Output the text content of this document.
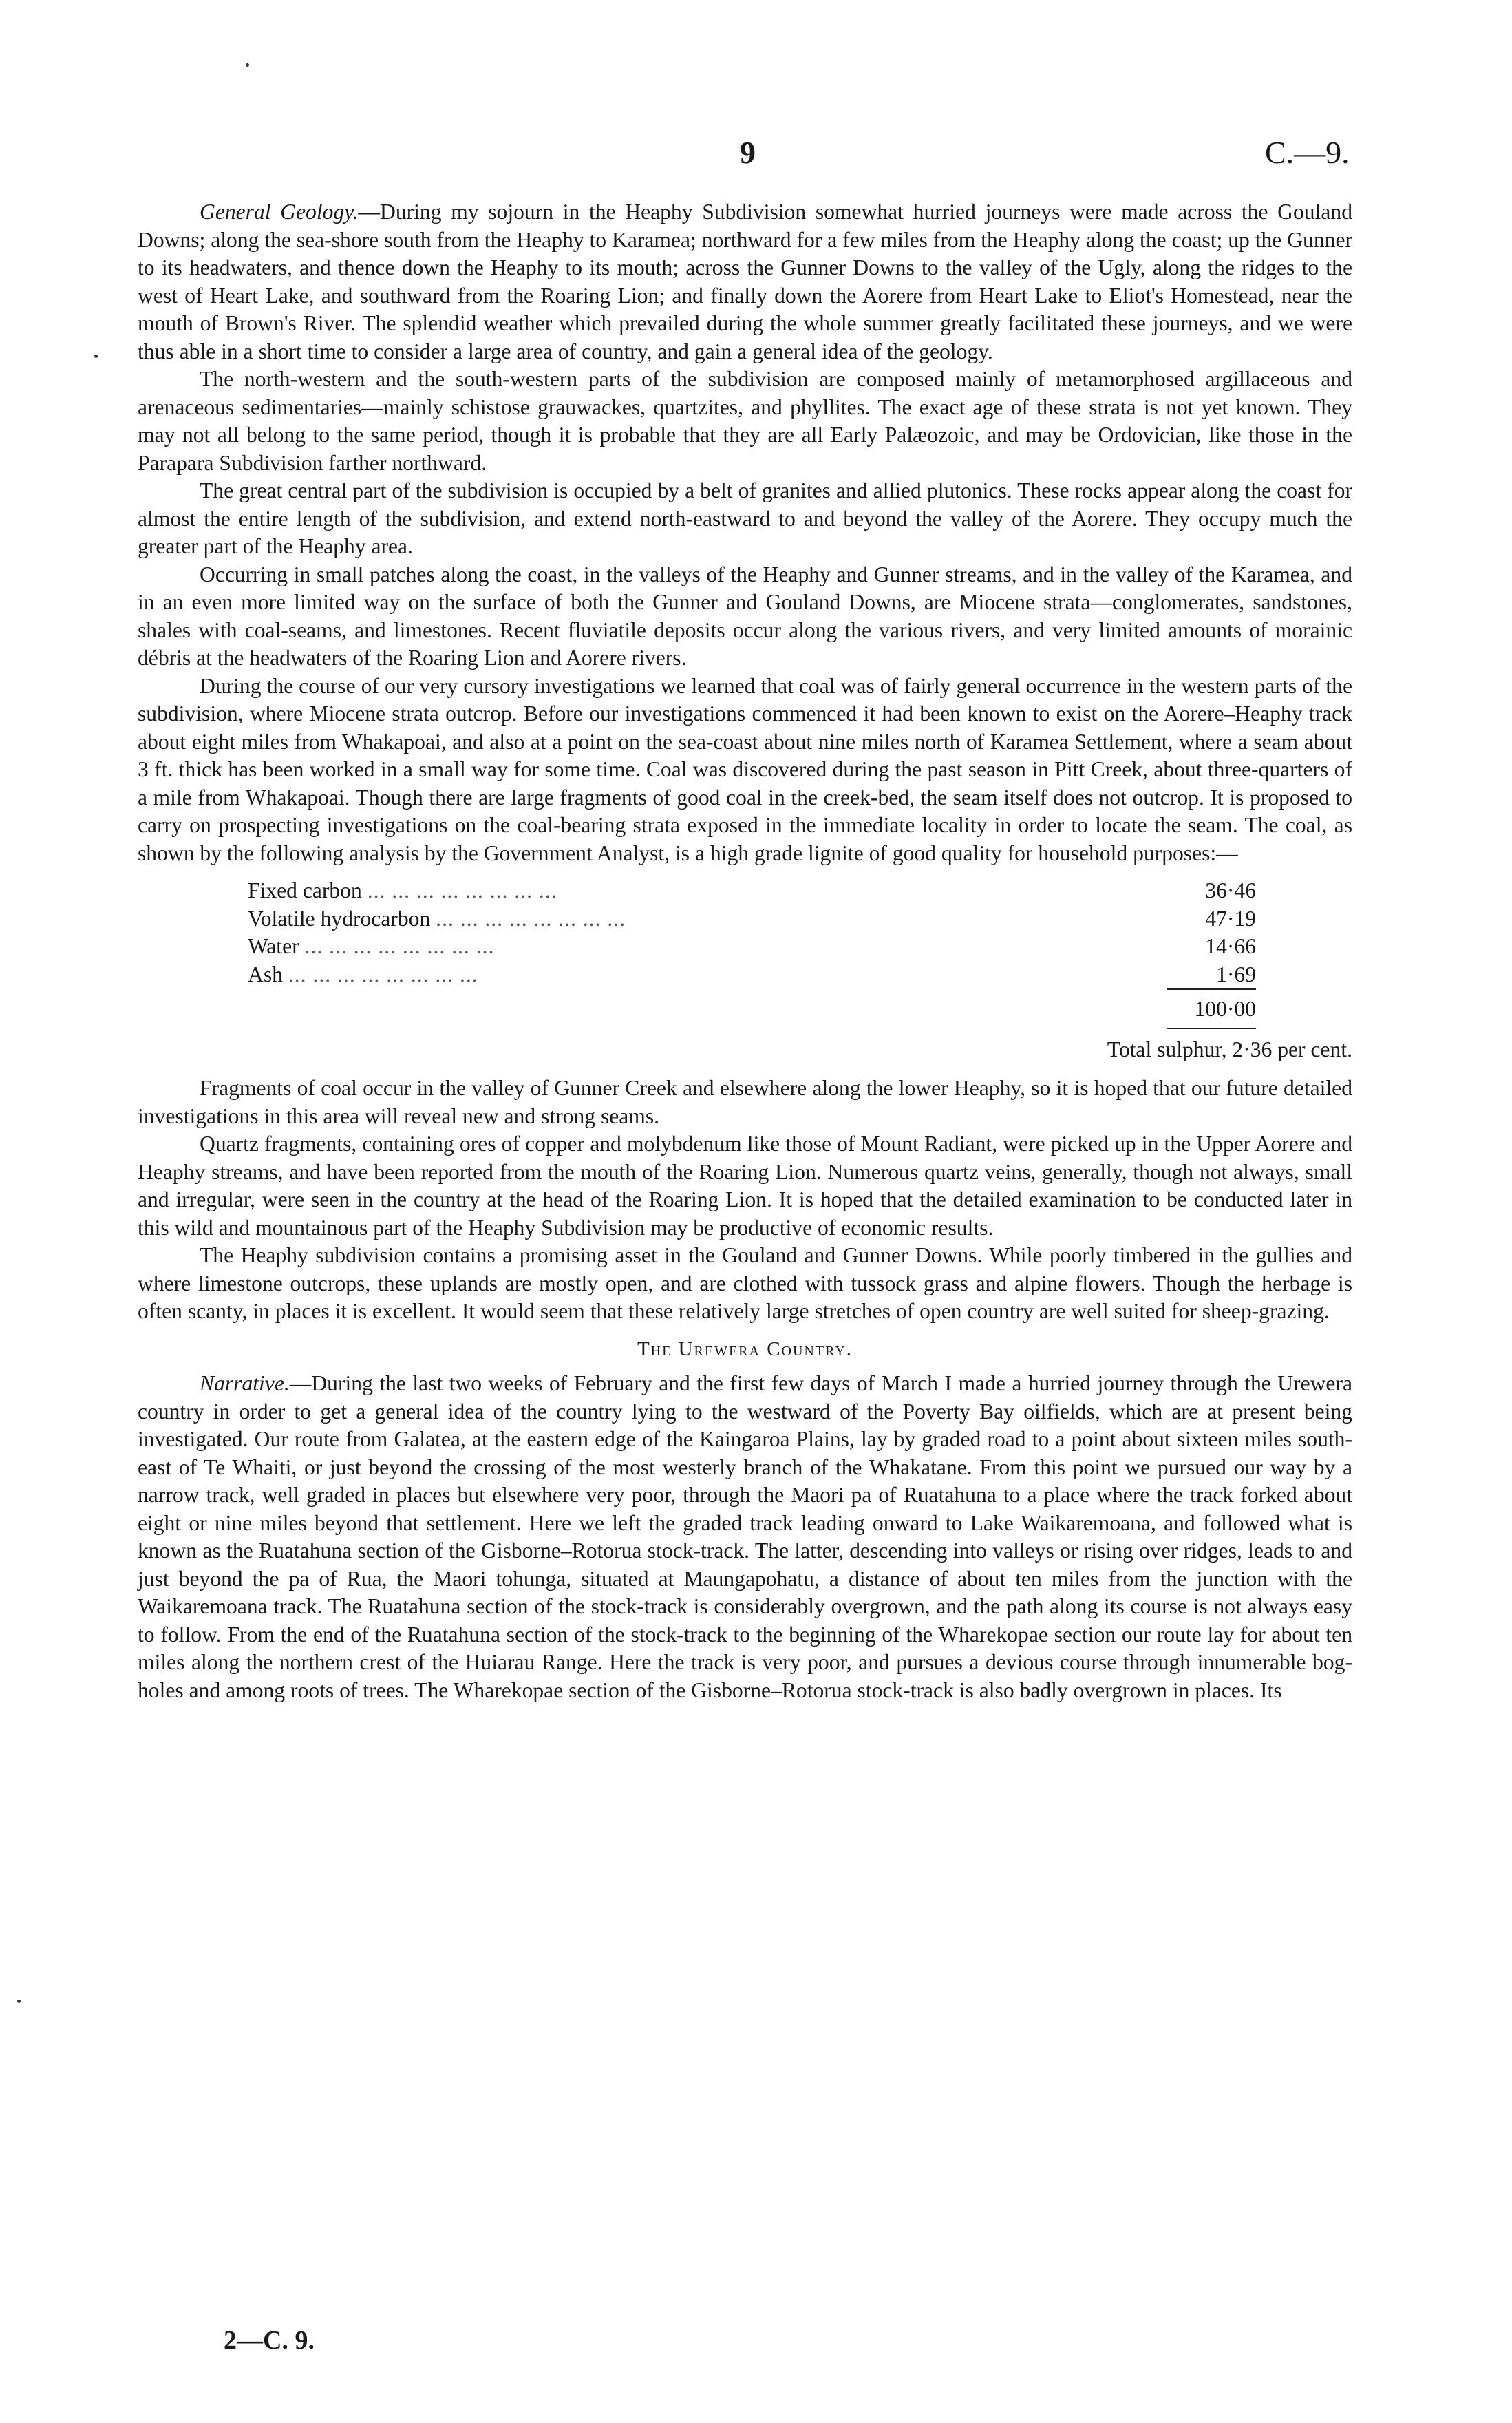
9	C.—9.

General Geology.—During my sojourn in the Heaphy Subdivision somewhat hurried journeys were made across the Gouland Downs; along the sea-shore south from the Heaphy to Karamea; northward for a few miles from the Heaphy along the coast; up the Gunner to its headwaters, and thence down the Heaphy to its mouth; across the Gunner Downs to the valley of the Ugly, along the ridges to the west of Heart Lake, and southward from the Roaring Lion; and finally down the Aorere from Heart Lake to Eliot's Homestead, near the mouth of Brown's River. The splendid weather which prevailed during the whole summer greatly facilitated these journeys, and we were thus able in a short time to consider a large area of country, and gain a general idea of the geology.

The north-western and the south-western parts of the subdivision are composed mainly of metamorphosed argillaceous and arenaceous sedimentaries—mainly schistose grauwackes, quartzites, and phyllites. The exact age of these strata is not yet known. They may not all belong to the same period, though it is probable that they are all Early Palæozoic, and may be Ordovician, like those in the Parapara Subdivision farther northward.

The great central part of the subdivision is occupied by a belt of granites and allied plutonics. These rocks appear along the coast for almost the entire length of the subdivision, and extend north-eastward to and beyond the valley of the Aorere. They occupy much the greater part of the Heaphy area.

Occurring in small patches along the coast, in the valleys of the Heaphy and Gunner streams, and in the valley of the Karamea, and in an even more limited way on the surface of both the Gunner and Gouland Downs, are Miocene strata—conglomerates, sandstones, shales with coal-seams, and limestones. Recent fluviatile deposits occur along the various rivers, and very limited amounts of morainic débris at the headwaters of the Roaring Lion and Aorere rivers.

During the course of our very cursory investigations we learned that coal was of fairly general occurrence in the western parts of the subdivision, where Miocene strata outcrop. Before our investigations commenced it had been known to exist on the Aorere–Heaphy track about eight miles from Whakapoai, and also at a point on the sea-coast about nine miles north of Karamea Settlement, where a seam about 3 ft. thick has been worked in a small way for some time. Coal was discovered during the past season in Pitt Creek, about three-quarters of a mile from Whakapoai. Though there are large fragments of good coal in the creek-bed, the seam itself does not outcrop. It is proposed to carry on prospecting investigations on the coal-bearing strata exposed in the immediate locality in order to locate the seam. The coal, as shown by the following analysis by the Government Analyst, is a high grade lignite of good quality for household purposes:—

Fixed carbon ... ... ... ... ... ... ... ...	36·46
Volatile hydrocarbon ... ... ... ... ... ... ... ...	47·19
Water ... ... ... ... ... ... ... ...	14·66
Ash ... ... ... ... ... ... ... ...	1·69
	100·00

Total sulphur, 2·36 per cent.

Fragments of coal occur in the valley of Gunner Creek and elsewhere along the lower Heaphy, so it is hoped that our future detailed investigations in this area will reveal new and strong seams.

Quartz fragments, containing ores of copper and molybdenum like those of Mount Radiant, were picked up in the Upper Aorere and Heaphy streams, and have been reported from the mouth of the Roaring Lion. Numerous quartz veins, generally, though not always, small and irregular, were seen in the country at the head of the Roaring Lion. It is hoped that the detailed examination to be conducted later in this wild and mountainous part of the Heaphy Subdivision may be productive of economic results.

The Heaphy subdivision contains a promising asset in the Gouland and Gunner Downs. While poorly timbered in the gullies and where limestone outcrops, these uplands are mostly open, and are clothed with tussock grass and alpine flowers. Though the herbage is often scanty, in places it is excellent. It would seem that these relatively large stretches of open country are well suited for sheep-grazing.

The Urewera Country.

Narrative.—During the last two weeks of February and the first few days of March I made a hurried journey through the Urewera country in order to get a general idea of the country lying to the westward of the Poverty Bay oilfields, which are at present being investigated. Our route from Galatea, at the eastern edge of the Kaingaroa Plains, lay by graded road to a point about sixteen miles south-east of Te Whaiti, or just beyond the crossing of the most westerly branch of the Whakatane. From this point we pursued our way by a narrow track, well graded in places but elsewhere very poor, through the Maori pa of Ruatahuna to a place where the track forked about eight or nine miles beyond that settlement. Here we left the graded track leading onward to Lake Waikaremoana, and followed what is known as the Ruatahuna section of the Gisborne–Rotorua stock-track. The latter, descending into valleys or rising over ridges, leads to and just beyond the pa of Rua, the Maori tohunga, situated at Maungapohatu, a distance of about ten miles from the junction with the Waikaremoana track. The Ruatahuna section of the stock-track is considerably overgrown, and the path along its course is not always easy to follow. From the end of the Ruatahuna section of the stock-track to the beginning of the Wharekopae section our route lay for about ten miles along the northern crest of the Huiarau Range. Here the track is very poor, and pursues a devious course through innumerable bog-holes and among roots of trees. The Wharekopae section of the Gisborne–Rotorua stock-track is also badly overgrown in places. Its

2—C. 9.
